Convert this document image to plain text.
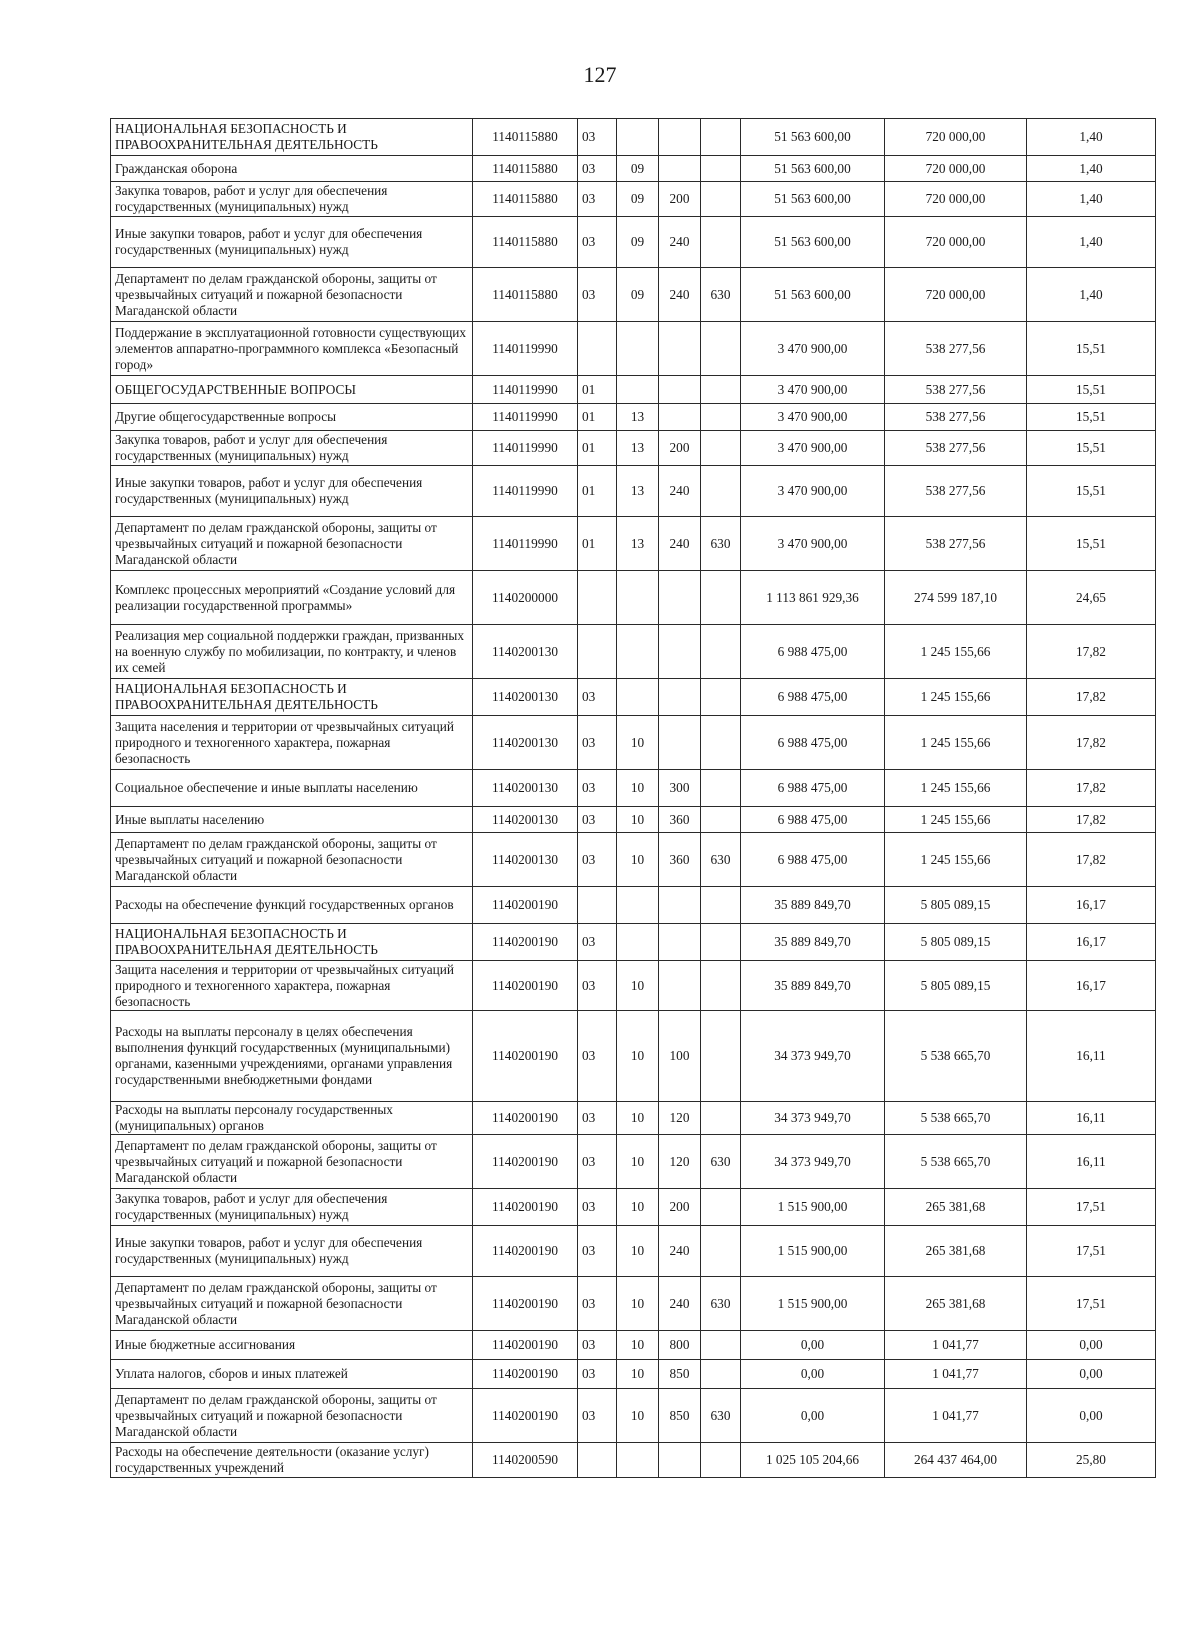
127
НАЦИОНАЛЬНАЯ БЕЗОПАСНОСТЬ И ПРАВООХРАНИТЕЛЬНАЯ ДЕЯТЕЛЬНОСТЬ	1140115880	03				51 563 600,00	720 000,00	1,40
Гражданская оборона	1140115880	03	09			51 563 600,00	720 000,00	1,40
Закупка товаров, работ и услуг для обеспечения государственных (муниципальных) нужд	1140115880	03	09	200		51 563 600,00	720 000,00	1,40
Иные закупки товаров, работ и услуг для обеспечения государственных (муниципальных) нужд	1140115880	03	09	240		51 563 600,00	720 000,00	1,40
Департамент по делам гражданской обороны, защиты от чрезвычайных ситуаций и пожарной безопасности Магаданской области	1140115880	03	09	240	630	51 563 600,00	720 000,00	1,40
Поддержание в эксплуатационной готовности существующих элементов аппаратно-программного комплекса «Безопасный город»	1140119990					3 470 900,00	538 277,56	15,51
ОБЩЕГОСУДАРСТВЕННЫЕ ВОПРОСЫ	1140119990	01				3 470 900,00	538 277,56	15,51
Другие общегосударственные вопросы	1140119990	01	13			3 470 900,00	538 277,56	15,51
Закупка товаров, работ и услуг для обеспечения государственных (муниципальных) нужд	1140119990	01	13	200		3 470 900,00	538 277,56	15,51
Иные закупки товаров, работ и услуг для обеспечения государственных (муниципальных) нужд	1140119990	01	13	240		3 470 900,00	538 277,56	15,51
Департамент по делам гражданской обороны, защиты от чрезвычайных ситуаций и пожарной безопасности Магаданской области	1140119990	01	13	240	630	3 470 900,00	538 277,56	15,51
Комплекс процессных мероприятий «Создание условий для реализации государственной программы»	1140200000					1 113 861 929,36	274 599 187,10	24,65
Реализация мер социальной поддержки граждан, призванных на военную службу по мобилизации, по контракту, и членов их семей	1140200130					6 988 475,00	1 245 155,66	17,82
НАЦИОНАЛЬНАЯ БЕЗОПАСНОСТЬ И ПРАВООХРАНИТЕЛЬНАЯ ДЕЯТЕЛЬНОСТЬ	1140200130	03				6 988 475,00	1 245 155,66	17,82
Защита населения и территории от чрезвычайных ситуаций природного и техногенного характера, пожарная безопасность	1140200130	03	10			6 988 475,00	1 245 155,66	17,82
Социальное обеспечение и иные выплаты населению	1140200130	03	10	300		6 988 475,00	1 245 155,66	17,82
Иные выплаты населению	1140200130	03	10	360		6 988 475,00	1 245 155,66	17,82
Департамент по делам гражданской обороны, защиты от чрезвычайных ситуаций и пожарной безопасности Магаданской области	1140200130	03	10	360	630	6 988 475,00	1 245 155,66	17,82
Расходы на обеспечение функций государственных органов	1140200190					35 889 849,70	5 805 089,15	16,17
НАЦИОНАЛЬНАЯ БЕЗОПАСНОСТЬ И ПРАВООХРАНИТЕЛЬНАЯ ДЕЯТЕЛЬНОСТЬ	1140200190	03				35 889 849,70	5 805 089,15	16,17
Защита населения и территории от чрезвычайных ситуаций природного и техногенного характера, пожарная безопасность	1140200190	03	10			35 889 849,70	5 805 089,15	16,17
Расходы на выплаты персоналу в целях обеспечения выполнения функций государственных (муниципальными) органами, казенными учреждениями, органами управления государственными внебюджетными фондами	1140200190	03	10	100		34 373 949,70	5 538 665,70	16,11
Расходы на выплаты персоналу государственных (муниципальных) органов	1140200190	03	10	120		34 373 949,70	5 538 665,70	16,11
Департамент по делам гражданской обороны, защиты от чрезвычайных ситуаций и пожарной безопасности Магаданской области	1140200190	03	10	120	630	34 373 949,70	5 538 665,70	16,11
Закупка товаров, работ и услуг для обеспечения государственных (муниципальных) нужд	1140200190	03	10	200		1 515 900,00	265 381,68	17,51
Иные закупки товаров, работ и услуг для обеспечения государственных (муниципальных) нужд	1140200190	03	10	240		1 515 900,00	265 381,68	17,51
Департамент по делам гражданской обороны, защиты от чрезвычайных ситуаций и пожарной безопасности Магаданской области	1140200190	03	10	240	630	1 515 900,00	265 381,68	17,51
Иные бюджетные ассигнования	1140200190	03	10	800		0,00	1 041,77	0,00
Уплата налогов, сборов и иных платежей	1140200190	03	10	850		0,00	1 041,77	0,00
Департамент по делам гражданской обороны, защиты от чрезвычайных ситуаций и пожарной безопасности Магаданской области	1140200190	03	10	850	630	0,00	1 041,77	0,00
Расходы на обеспечение деятельности (оказание услуг) государственных учреждений	1140200590					1 025 105 204,66	264 437 464,00	25,80
